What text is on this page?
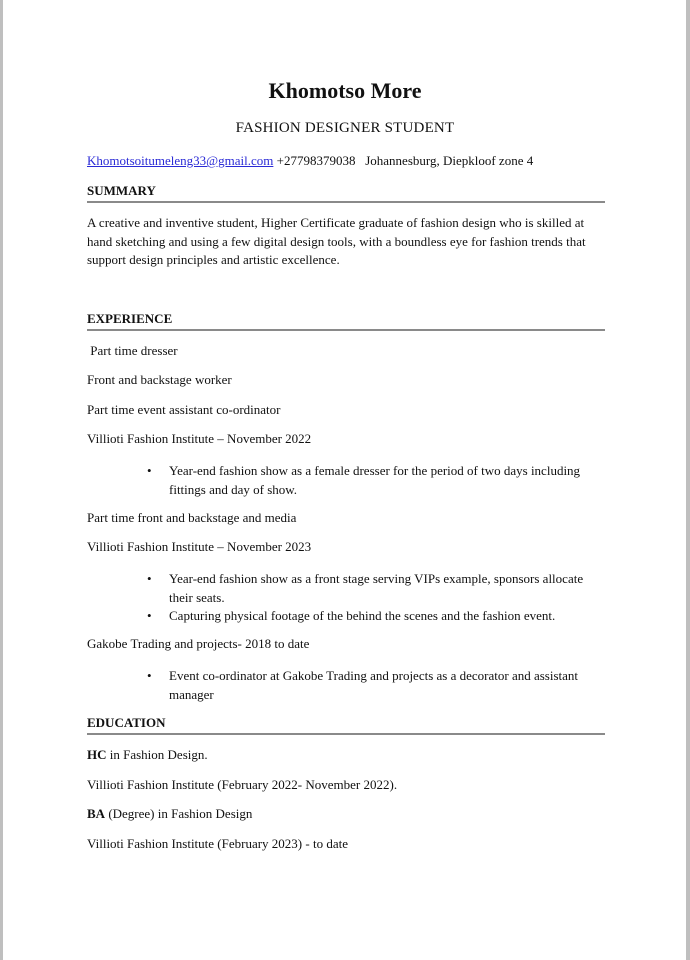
Khomotso More
FASHION DESIGNER STUDENT
Khomotsoitumeleng33@gmail.com +27798379038 Johannesburg, Diepkloof zone 4
SUMMARY
A creative and inventive student, Higher Certificate graduate of fashion design who is skilled at hand sketching and using a few digital design tools, with a boundless eye for fashion trends that support design principles and artistic excellence.
EXPERIENCE
Part time dresser
Front and backstage worker
Part time event assistant co-ordinator
Villioti Fashion Institute – November 2022
• Year-end fashion show as a female dresser for the period of two days including fittings and day of show.
Part time front and backstage and media
Villioti Fashion Institute – November 2023
• Year-end fashion show as a front stage serving VIPs example, sponsors allocate their seats.
• Capturing physical footage of the behind the scenes and the fashion event.
Gakobe Trading and projects- 2018 to date
• Event co-ordinator at Gakobe Trading and projects as a decorator and assistant manager
EDUCATION
HC in Fashion Design.
Villioti Fashion Institute (February 2022- November 2022).
BA (Degree) in Fashion Design
Villioti Fashion Institute (February 2023) - to date
